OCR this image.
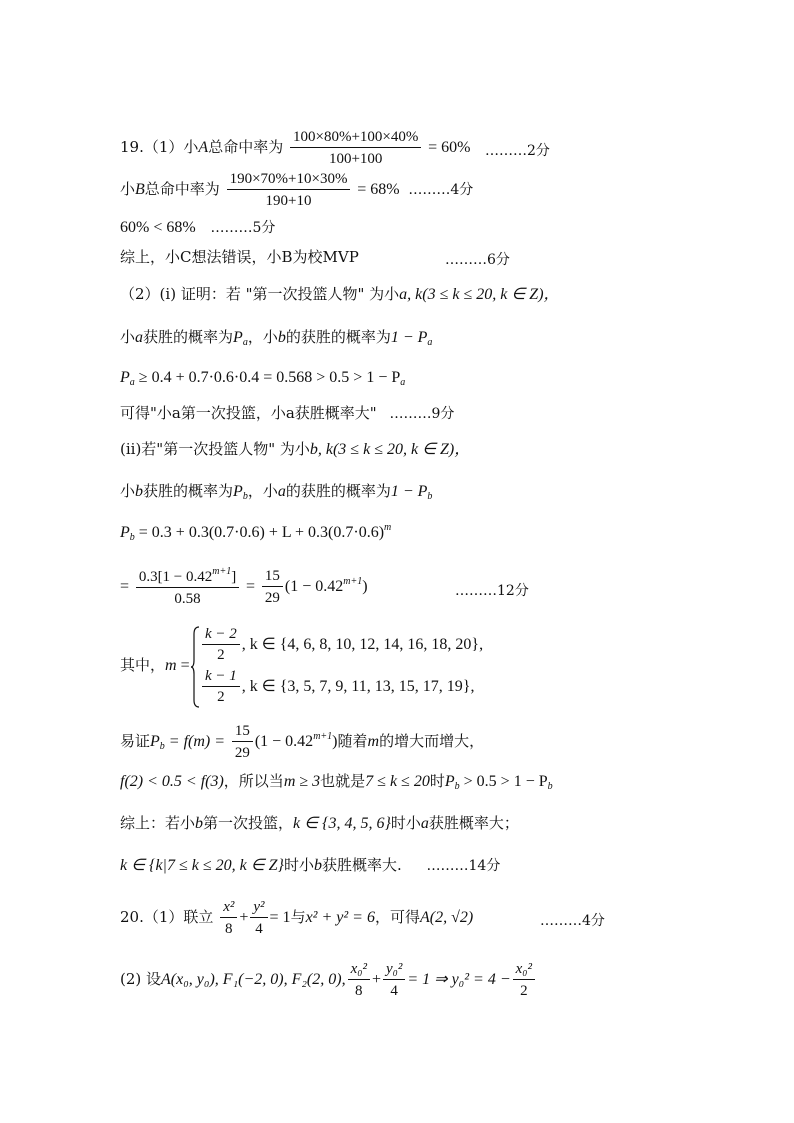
19.（1）小A总命中率为 $\frac{100\times 80\%+100\times 40\%}{100+100} = 60\%$ ………2分
小B总命中率为 $\frac{190\times 70\%+10\times 30\%}{190+10} = 68\%$ ………4分
60% < 68% ………5分
综上，小C想法错误，小B为校MVP	………6分
（2）(i) 证明：若 "第一次投篮人物" 为小a, k(3 ≤ k ≤ 20, k ∈ Z)，
小a获胜的概率为$P_a$，小b的获胜的概率为$1 - P_a$
$P_a \ge 0.4 + 0.7\cdot 0.6\cdot 0.4 = 0.568 > 0.5 > 1 - P_a$
可得"小a第一次投篮，小a获胜概率大" ………9分
(ii)若"第一次投篮人物" 为小b, k(3 ≤ k ≤ 20, k ∈ Z)，
小b获胜的概率为$P_b$，小a的获胜的概率为$1 - P_b$
$P_b = 0.3 + 0.3(0.7\cdot 0.6) + L + 0.3(0.7\cdot 0.6)^m$
= $\frac{0.3[1 - 0.42^{m+1}]}{0.58} = \frac{15}{29} (1 - 0.42^{m+1})$	………12分
其中，m =
$\frac{k - 2}{2}$ , k ∈ {4, 6, 8, 10, 12, 14, 16, 18, 20},
$\frac{k - 1}{2}$ , k ∈ {3, 5, 7, 9, 11, 13, 15, 17, 19},
易证$P_b = f(m) = \frac{15}{29} (1 - 0.42^{m+1})$随着m的增大而增大，
f(2) < 0.5 < f(3)，所以当m ≥ 3也就是7 ≤ k ≤ 20时$P_b > 0.5 > 1 - P_b$
综上：若小b第一次投篮，k ∈ {3, 4, 5, 6}时小a获胜概率大；
k ∈ {k|7 ≤ k ≤ 20, k ∈ Z}时小b获胜概率大. ………14分
20.（1）联立 $\frac{\text{x²}}{8} + \frac{\text{y²}}{4} = 1$与x² + y² = 6，可得A(2, √2)	………4分
(2) 设A(x₀, y₀), F₁(−2, 0), F₂(2, 0), $\frac{\text{x₀²}}{8} + \frac{\text{y₀²}}{4} = 1$ ⇒ $y_0^2 = 4 - \frac{\text{x₀²}}{2}$
